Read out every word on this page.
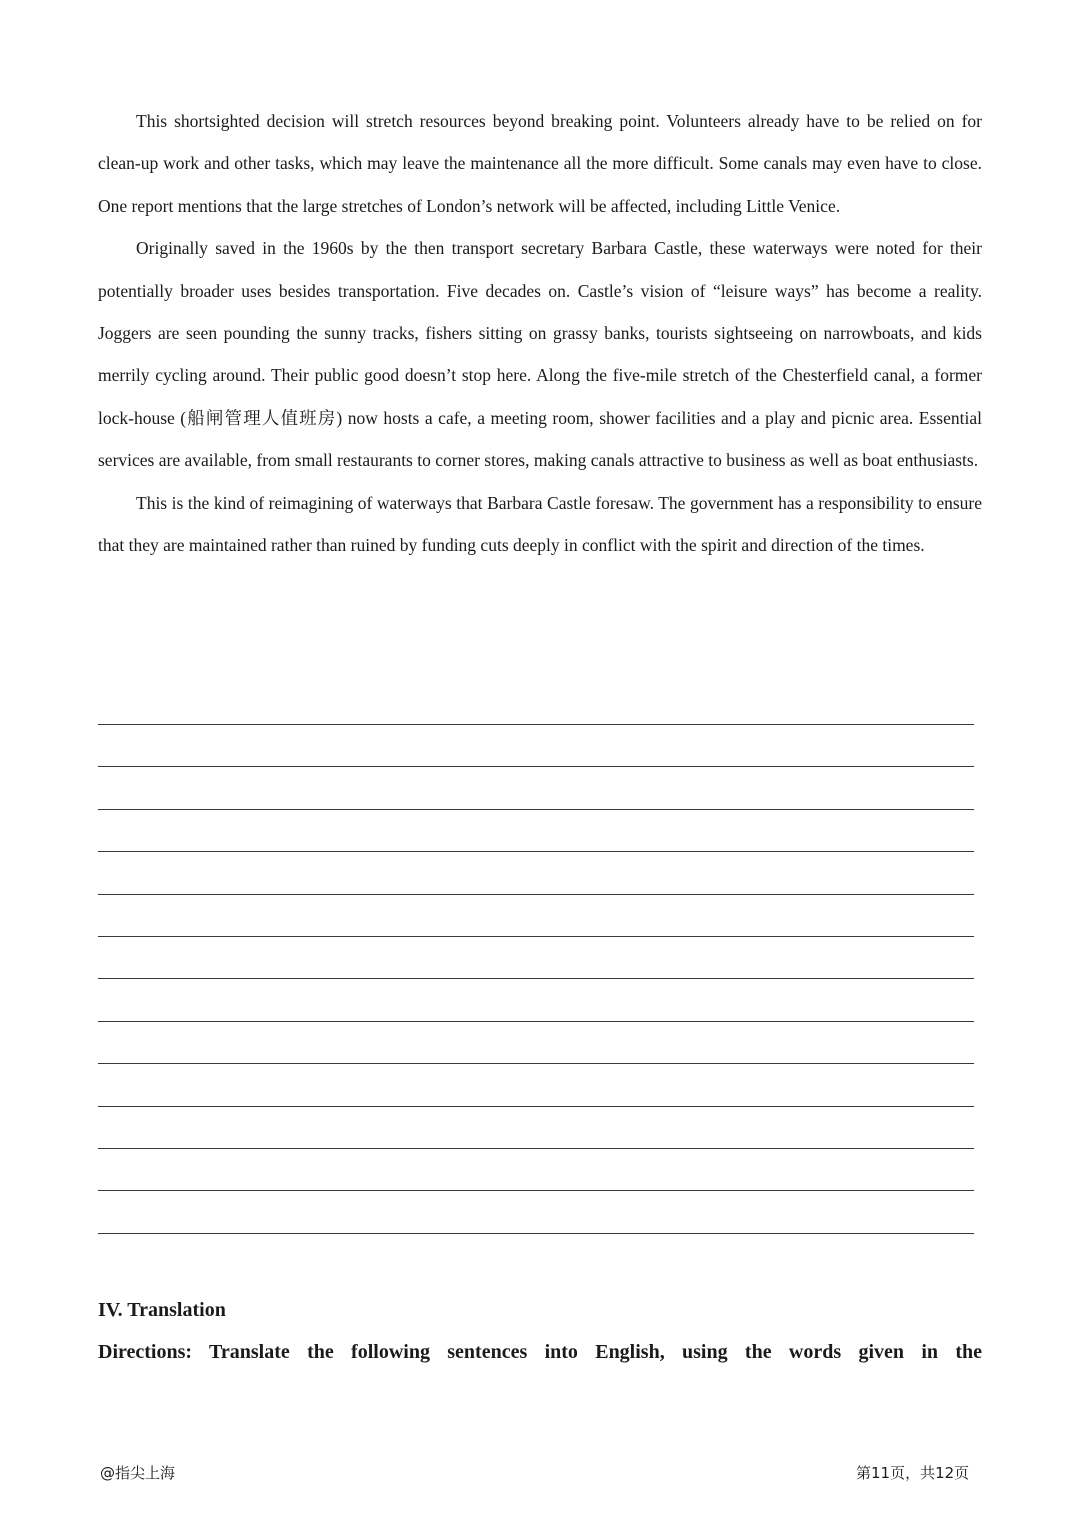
This shortsighted decision will stretch resources beyond breaking point. Volunteers already have to be relied on for clean-up work and other tasks, which may leave the maintenance all the more difficult. Some canals may even have to close. One report mentions that the large stretches of London’s network will be affected, including Little Venice.

Originally saved in the 1960s by the then transport secretary Barbara Castle, these waterways were noted for their potentially broader uses besides transportation. Five decades on. Castle’s vision of “leisure ways” has become a reality. Joggers are seen pounding the sunny tracks, fishers sitting on grassy banks, tourists sightseeing on narrowboats, and kids merrily cycling around. Their public good doesn’t stop here. Along the five-mile stretch of the Chesterfield canal, a former lock-house (船闸管理人值班房) now hosts a cafe, a meeting room, shower facilities and a play and picnic area. Essential services are available, from small restaurants to corner stores, making canals attractive to business as well as boat enthusiasts.

This is the kind of reimagining of waterways that Barbara Castle foresaw. The government has a responsibility to ensure that they are maintained rather than ruined by funding cuts deeply in conflict with the spirit and direction of the times.

IV. Translation

Directions: Translate the following sentences into English, using the words given in the

@指尖上海	第11页，共12页
